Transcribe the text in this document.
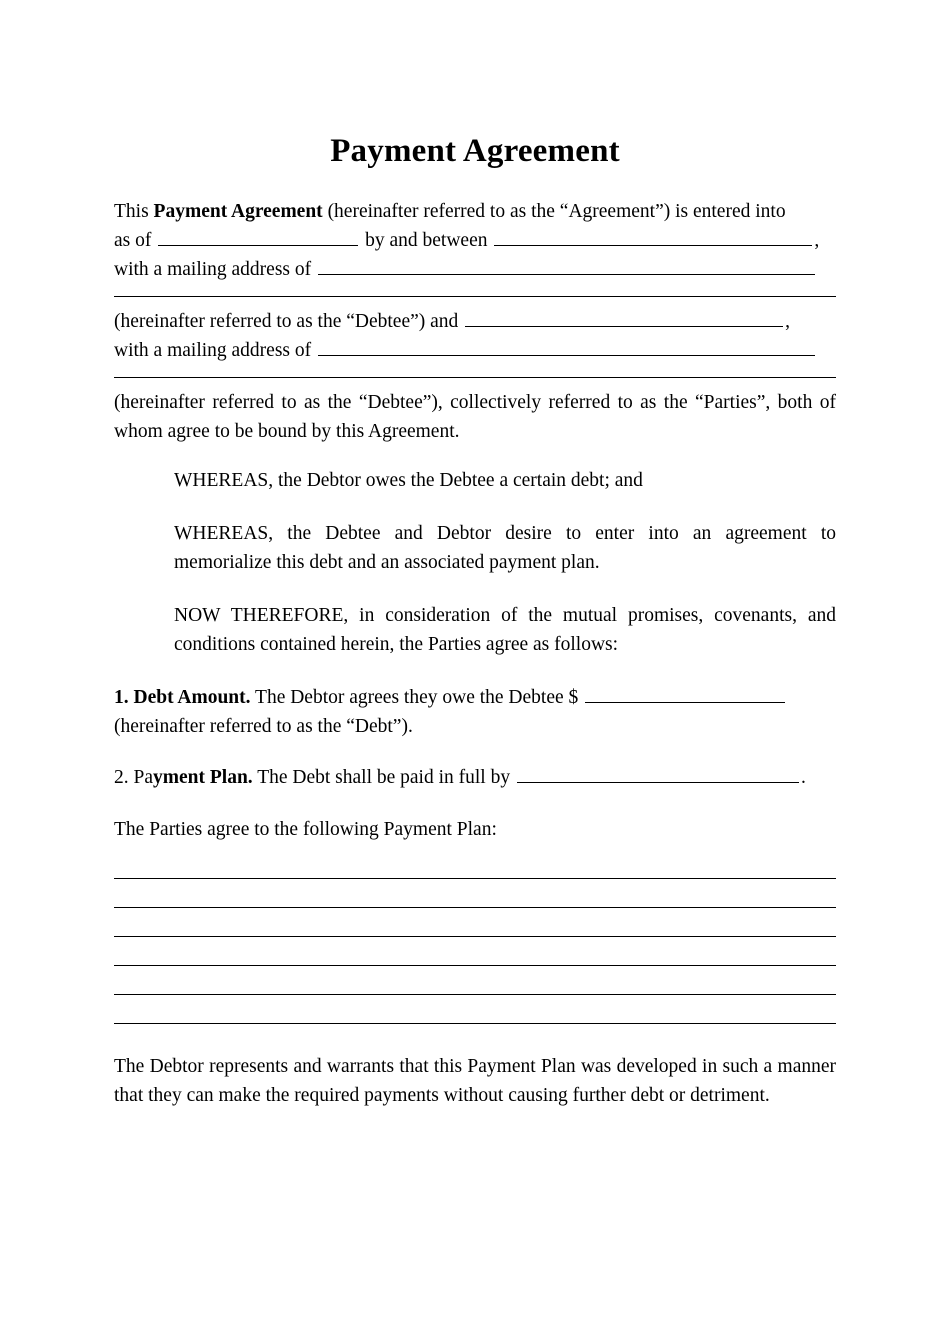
Payment Agreement
This Payment Agreement (hereinafter referred to as the “Agreement”) is entered into
as of	by and between	,
with a mailing address of
(hereinafter referred to as the “Debtee”) and	,
with a mailing address of

(hereinafter referred to as the “Debtee”), collectively referred to as the “Parties”, both of whom agree to be bound by this Agreement.

WHEREAS, the Debtor owes the Debtee a certain debt; and

WHEREAS, the Debtee and Debtor desire to enter into an agreement to memorialize this debt and an associated payment plan.

NOW THEREFORE, in consideration of the mutual promises, covenants, and conditions contained herein, the Parties agree as follows:

1. Debt Amount. The Debtor agrees they owe the Debtee $
(hereinafter referred to as the “Debt”).
2. Payment Plan. The Debt shall be paid in full by	.

The Parties agree to the following Payment Plan:

The Debtor represents and warrants that this Payment Plan was developed in such a manner that they can make the required payments without causing further debt or detriment.
